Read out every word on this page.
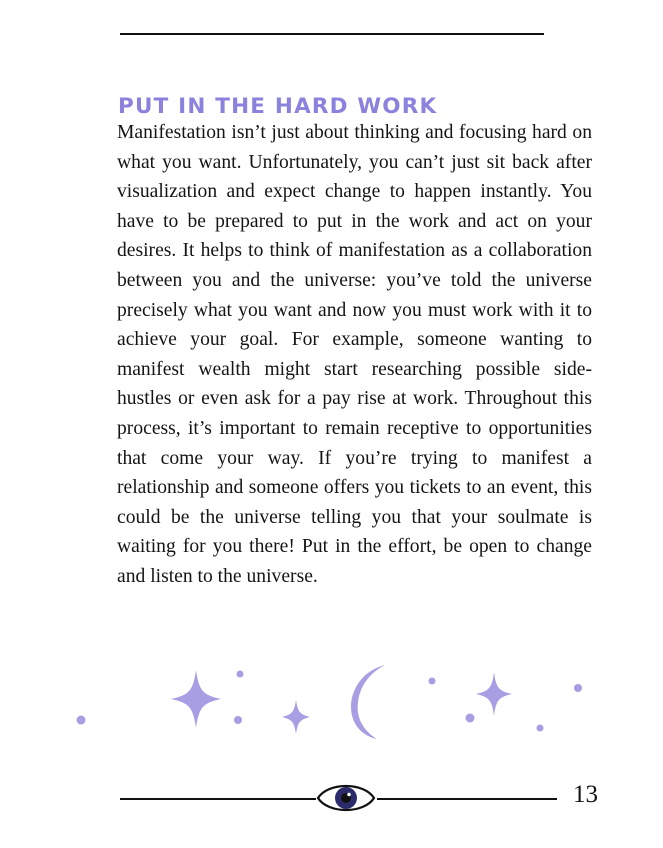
PUT IN THE HARD WORK
Manifestation isn’t just about thinking and focusing hard on what you want. Unfortunately, you can’t just sit back after visualization and expect change to happen instantly. You have to be prepared to put in the work and act on your desires. It helps to think of manifestation as a collaboration between you and the universe: you’ve told the universe precisely what you want and now you must work with it to achieve your goal. For example, someone wanting to manifest wealth might start researching possible side-hustles or even ask for a pay rise at work. Throughout this process, it’s important to remain receptive to opportunities that come your way. If you’re trying to manifest a relationship and someone offers you tickets to an event, this could be the universe telling you that your soulmate is waiting for you there! Put in the effort, be open to change and listen to the universe.
13
